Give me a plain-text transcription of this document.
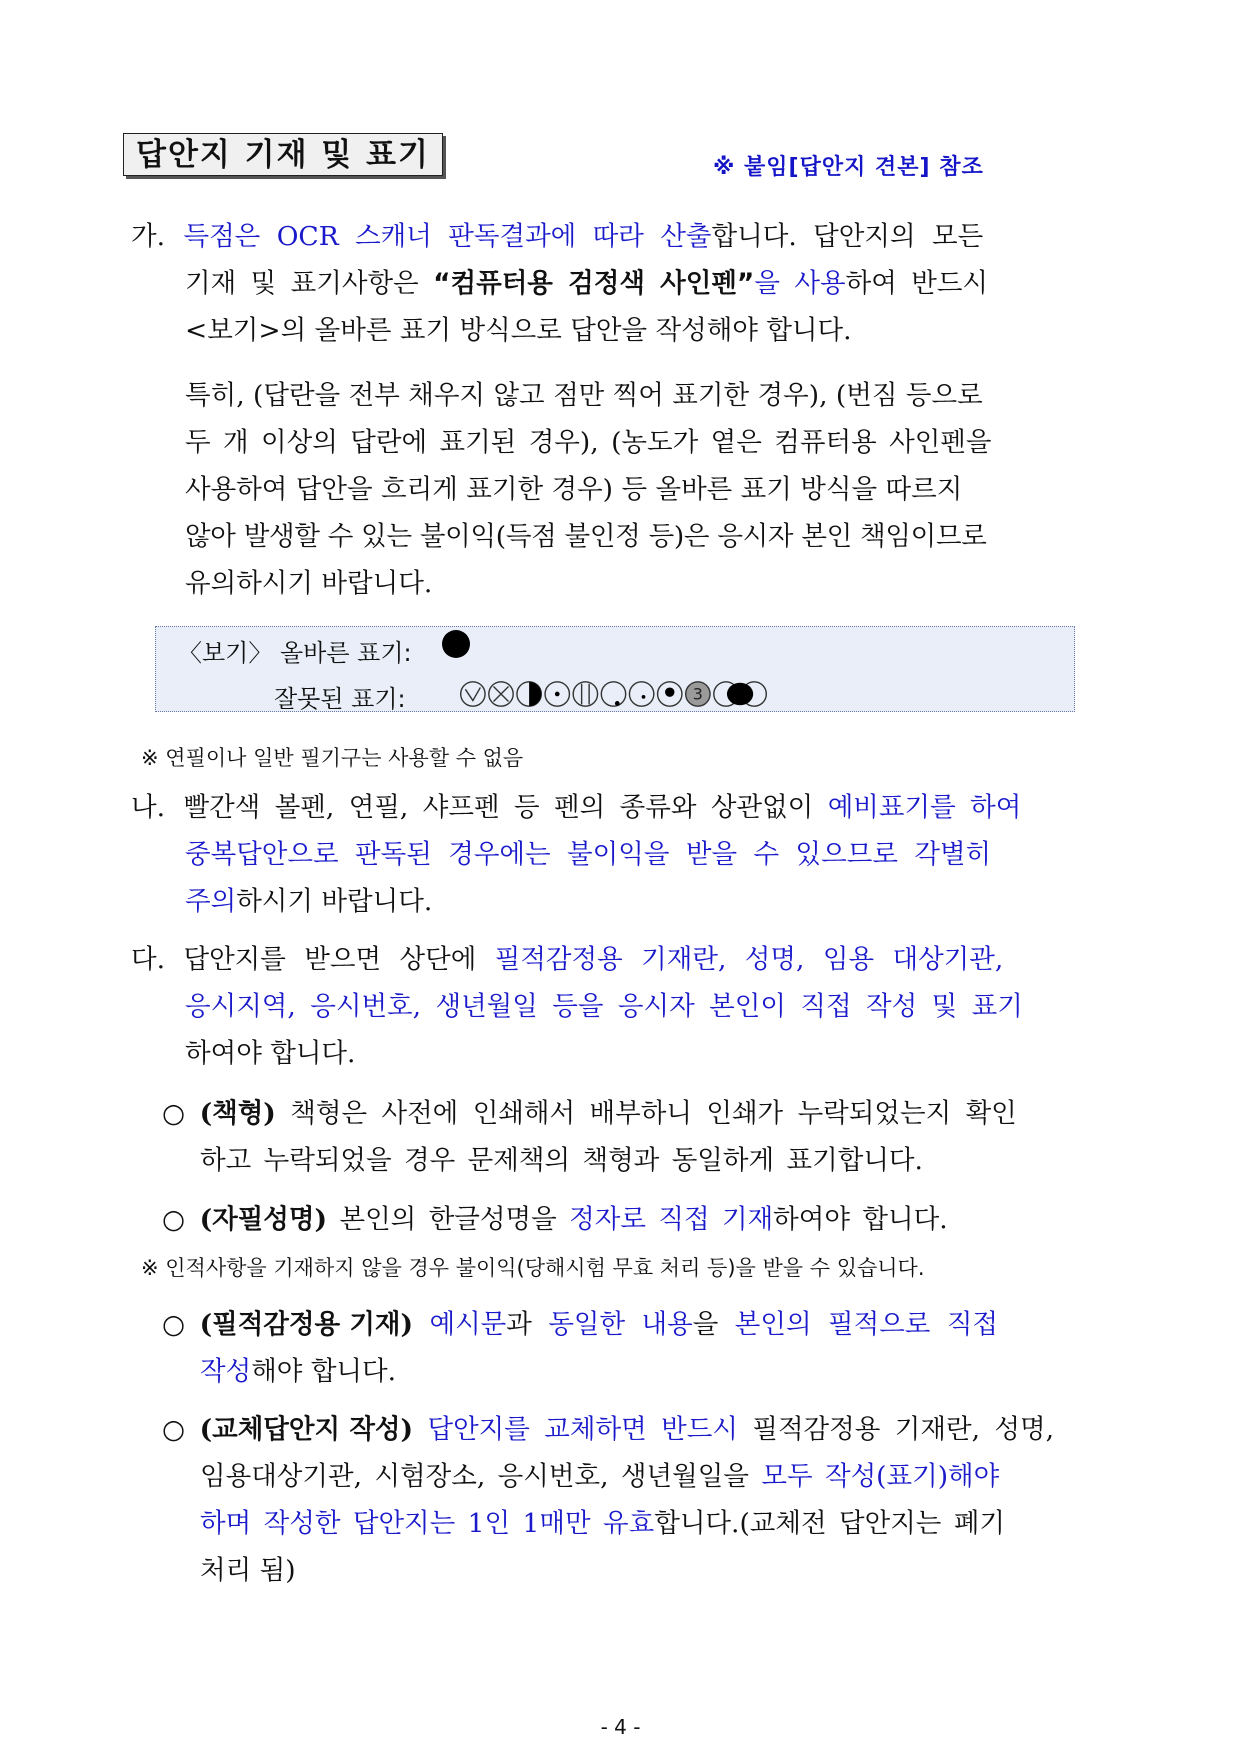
답안지 기재 및 표기	※ 붙임[답안지 견본] 참조
가. 득점은 OCR 스캐너 판독결과에 따라 산출합니다. 답안지의 모든
기재 및 표기사항은 “컴퓨터용 검정색 사인펜”을 사용하여 반드시
<보기>의 올바른 표기 방식으로 답안을 작성해야 합니다.
특히, (답란을 전부 채우지 않고 점만 찍어 표기한 경우), (번짐 등으로
두 개 이상의 답란에 표기된 경우), (농도가 옅은 컴퓨터용 사인펜을
사용하여 답안을 흐리게 표기한 경우) 등 올바른 표기 방식을 따르지
않아 발생할 수 있는 불이익(득점 불인정 등)은 응시자 본인 책임이므로
유의하시기 바랍니다.
〈보기〉 올바른 표기:
잘못된 표기:	3
※ 연필이나 일반 필기구는 사용할 수 없음
나. 빨간색 볼펜, 연필, 샤프펜 등 펜의 종류와 상관없이 예비표기를 하여
중복답안으로 판독된 경우에는 불이익을 받을 수 있으므로 각별히
주의하시기 바랍니다.
다. 답안지를 받으면 상단에 필적감정용 기재란, 성명, 임용 대상기관,
응시지역, 응시번호, 생년월일 등을 응시자 본인이 직접 작성 및 표기
하여야 합니다.
○ (책형) 책형은 사전에 인쇄해서 배부하니 인쇄가 누락되었는지 확인
하고 누락되었을 경우 문제책의 책형과 동일하게 표기합니다.
○ (자필성명) 본인의 한글성명을 정자로 직접 기재하여야 합니다.
※ 인적사항을 기재하지 않을 경우 불이익(당해시험 무효 처리 등)을 받을 수 있습니다.
○ (필적감정용 기재) 예시문과 동일한 내용을 본인의 필적으로 직접
작성해야 합니다.
○ (교체답안지 작성) 답안지를 교체하면 반드시 필적감정용 기재란, 성명,
임용대상기관, 시험장소, 응시번호, 생년월일을 모두 작성(표기)해야
하며 작성한 답안지는 1인 1매만 유효합니다.(교체전 답안지는 폐기
처리 됨)
- 4 -
